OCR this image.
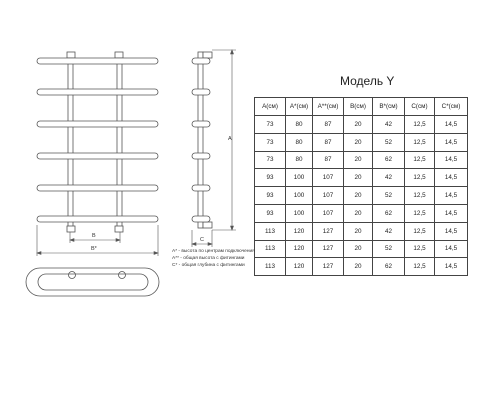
B
B*
A
C
Модель Y
A(см)	A*(см)	A**(см)	B(см)	B*(см)	C(см)	C*(см)
73	80	87	20	42	12,5	14,5
73	80	87	20	52	12,5	14,5
73	80	87	20	62	12,5	14,5
93	100	107	20	42	12,5	14,5
93	100	107	20	52	12,5	14,5
93	100	107	20	62	12,5	14,5
113	120	127	20	42	12,5	14,5
113	120	127	20	52	12,5	14,5
113	120	127	20	62	12,5	14,5
A* - высота по центрам подключения
A** - общая высота с фитингами
C* - общая глубина с фитингами
